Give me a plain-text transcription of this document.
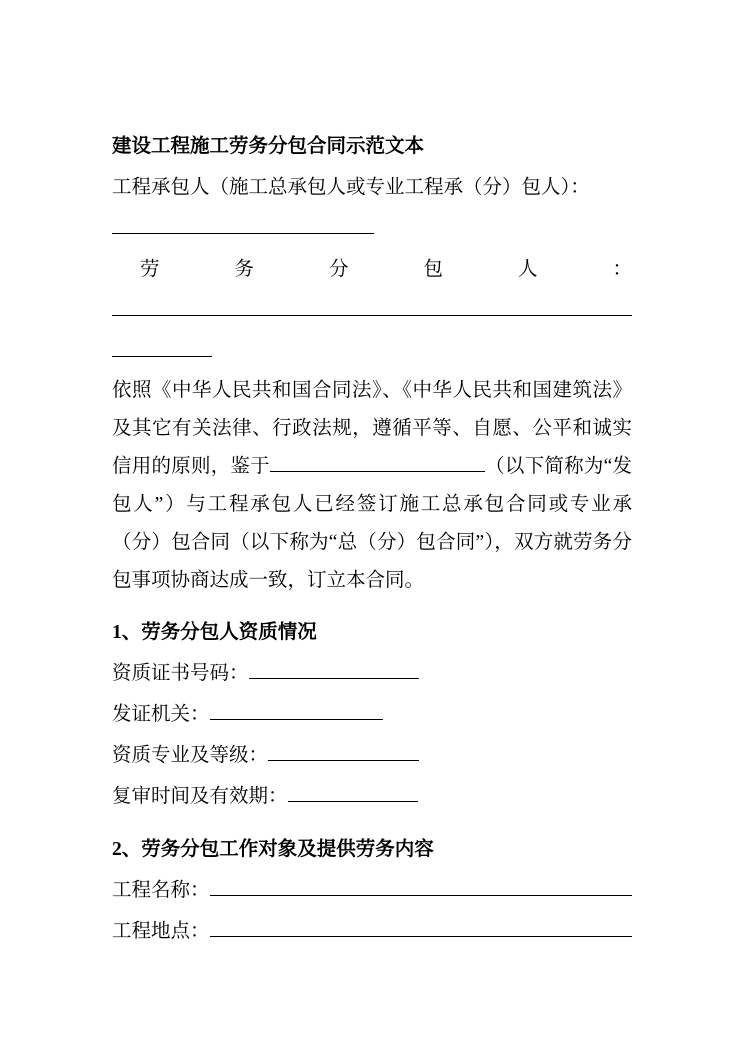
建设工程施工劳务分包合同示范文本
工程承包人（施工总承包人或专业工程承（分）包人）：
劳务分包人：

依照《中华人民共和国合同法》、《中华人民共和国建筑法》及其它有关法律、行政法规，遵循平等、自愿、公平和诚实信用的原则，鉴于	（以下简称为“发包人”）与工程承包人已经签订施工总承包合同或专业承（分）包合同（以下称为“总（分）包合同”），双方就劳务分包事项协商达成一致，订立本合同。

1、劳务分包人资质情况
资质证书号码：
发证机关：
资质专业及等级：
复审时间及有效期：
2、劳务分包工作对象及提供劳务内容
工程名称：
工程地点：
